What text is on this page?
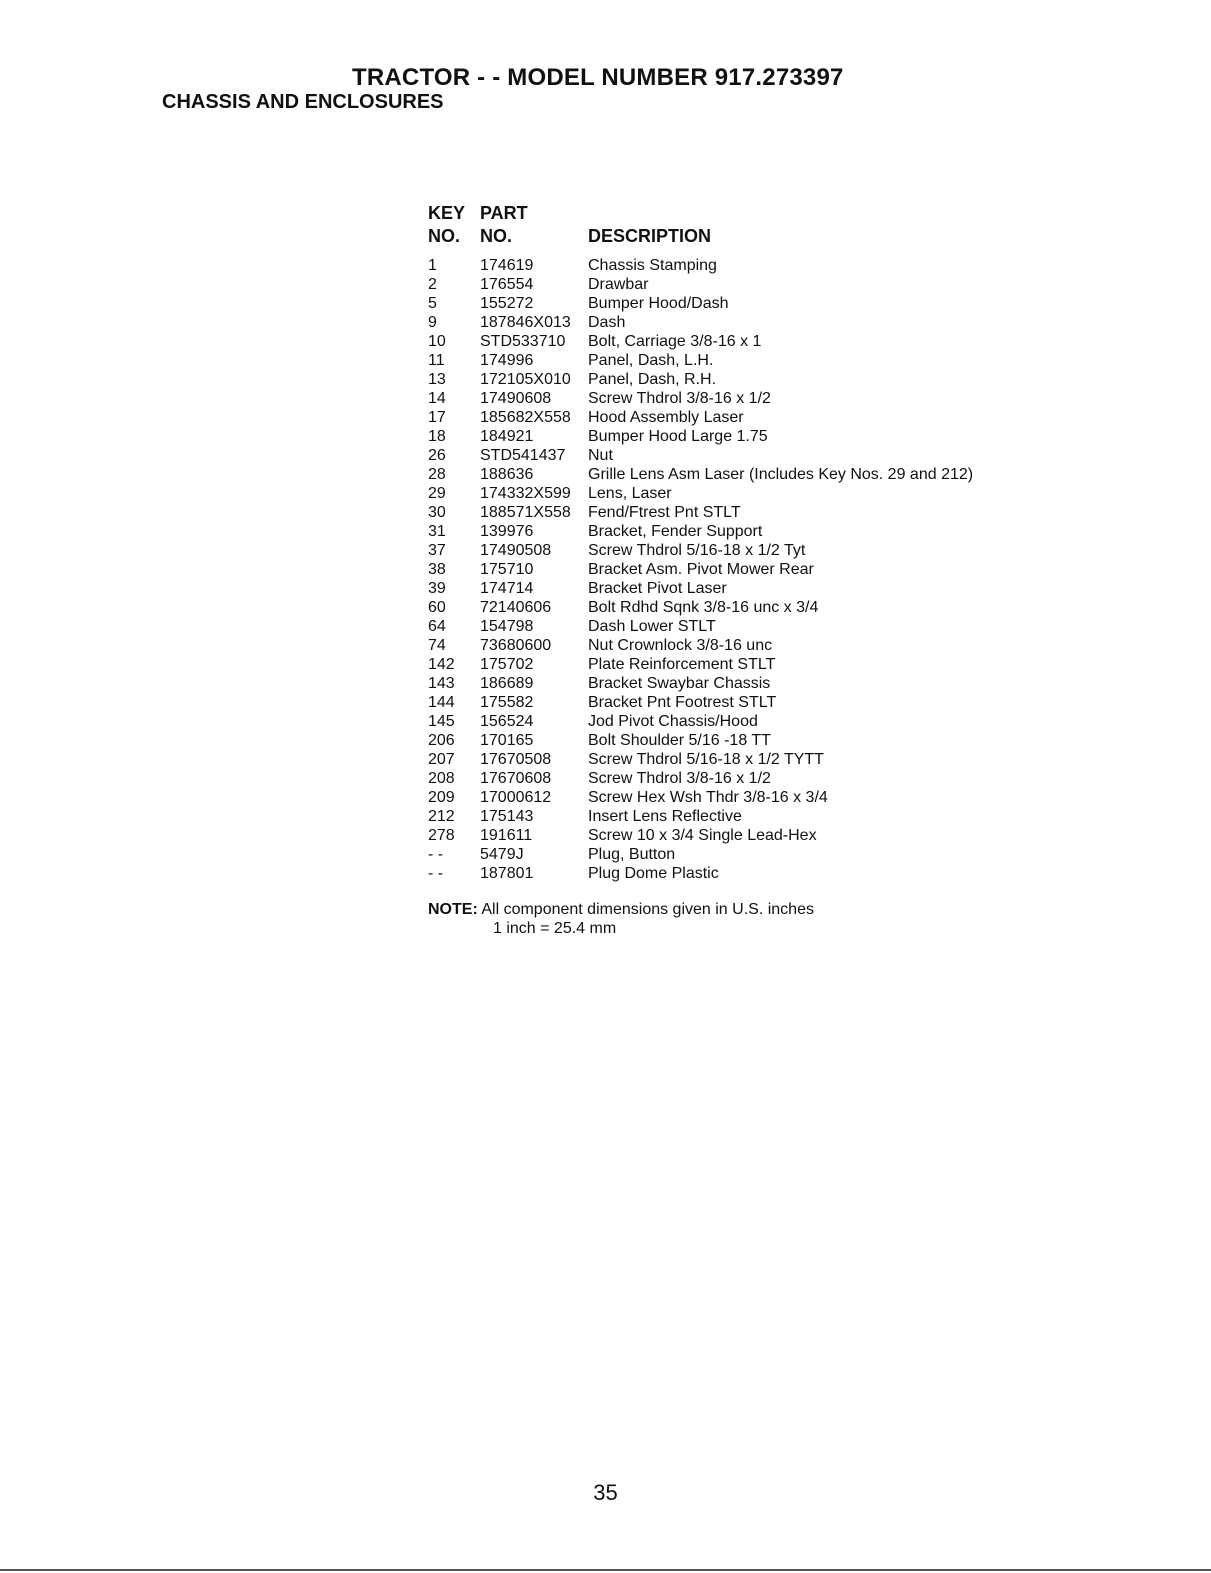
TRACTOR - - MODEL NUMBER 917.273397
CHASSIS AND ENCLOSURES
KEY PART
NO. NO.	DESCRIPTION
1	174619	Chassis Stamping
2	176554	Drawbar
5	155272	Bumper Hood/Dash
9	187846X013 Dash
10 STD533710 Bolt, Carriage 3/8-16 x 1
11 174996	Panel, Dash, L.H.
13 172105X010 Panel, Dash, R.H.
14 17490608 Screw Thdrol 3/8-16 x 1/2
17 185682X558 Hood Assembly Laser
18 184921	Bumper Hood Large 1.75
26 STD541437 Nut
28 188636	Grille Lens Asm Laser (Includes Key Nos. 29 and 212)
29 174332X599 Lens, Laser
30 188571X558 Fend/Ftrest Pnt STLT
31 139976	Bracket, Fender Support
37 17490508 Screw Thdrol 5/16-18 x 1/2 Tyt
38 175710	Bracket Asm. Pivot Mower Rear
39 174714	Bracket Pivot Laser
60 72140606 Bolt Rdhd Sqnk 3/8-16 unc x 3/4
64 154798	Dash Lower STLT
74 73680600 Nut Crownlock 3/8-16 unc
142 175702	Plate Reinforcement STLT
143 186689	Bracket Swaybar Chassis
144 175582	Bracket Pnt Footrest STLT
145 156524	Jod Pivot Chassis/Hood
206 170165	Bolt Shoulder 5/16 -18 TT
207 17670508 Screw Thdrol 5/16-18 x 1/2 TYTT
208 17670608 Screw Thdrol 3/8-16 x 1/2
209 17000612 Screw Hex Wsh Thdr 3/8-16 x 3/4
212 175143	Insert Lens Reflective
278 191611	Screw 10 x 3/4 Single Lead-Hex
- - 5479J	Plug, Button
- - 187801	Plug Dome Plastic
NOTE: All component dimensions given in U.S. inches
1 inch = 25.4 mm
35
